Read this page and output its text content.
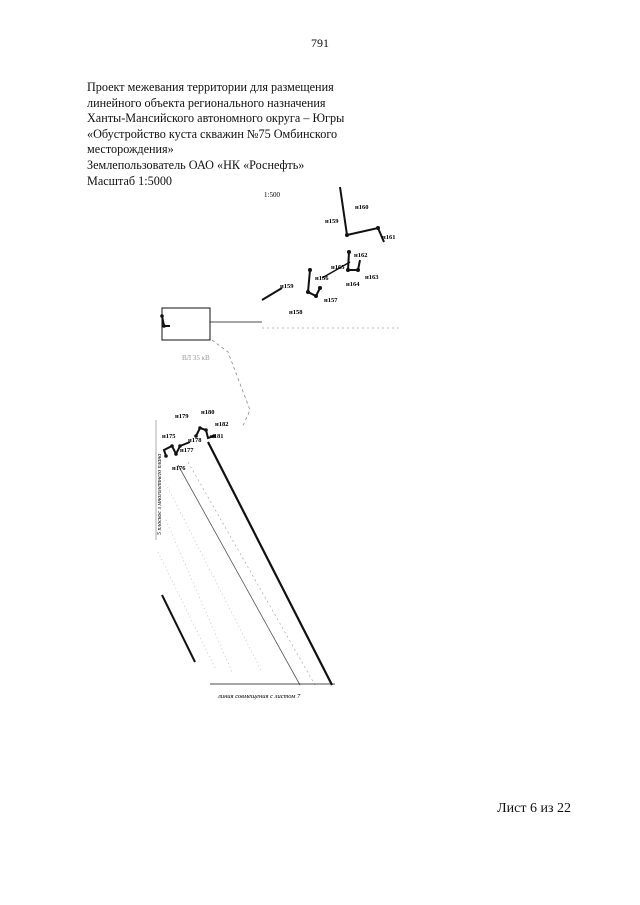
791
Проект межевания территории для размещения
линейного объекта регионального назначения
Ханты-Мансийского автономного округа – Югры
«Обустройство куста скважин №75 Омбинского
месторождения»
Землепользователь ОАО «НК «Роснефть»
Масштаб 1:5000
1:500
н159
н160
н161
н162
н165
н156	н163
н164
н159
н157
н158
ВЛ 35 кВ
н180
н179
н182
н175
н178
н181
н177
н176
5 плоскос з многолетнего плана
линия совмещения с листом 7
Лист 6 из 22
